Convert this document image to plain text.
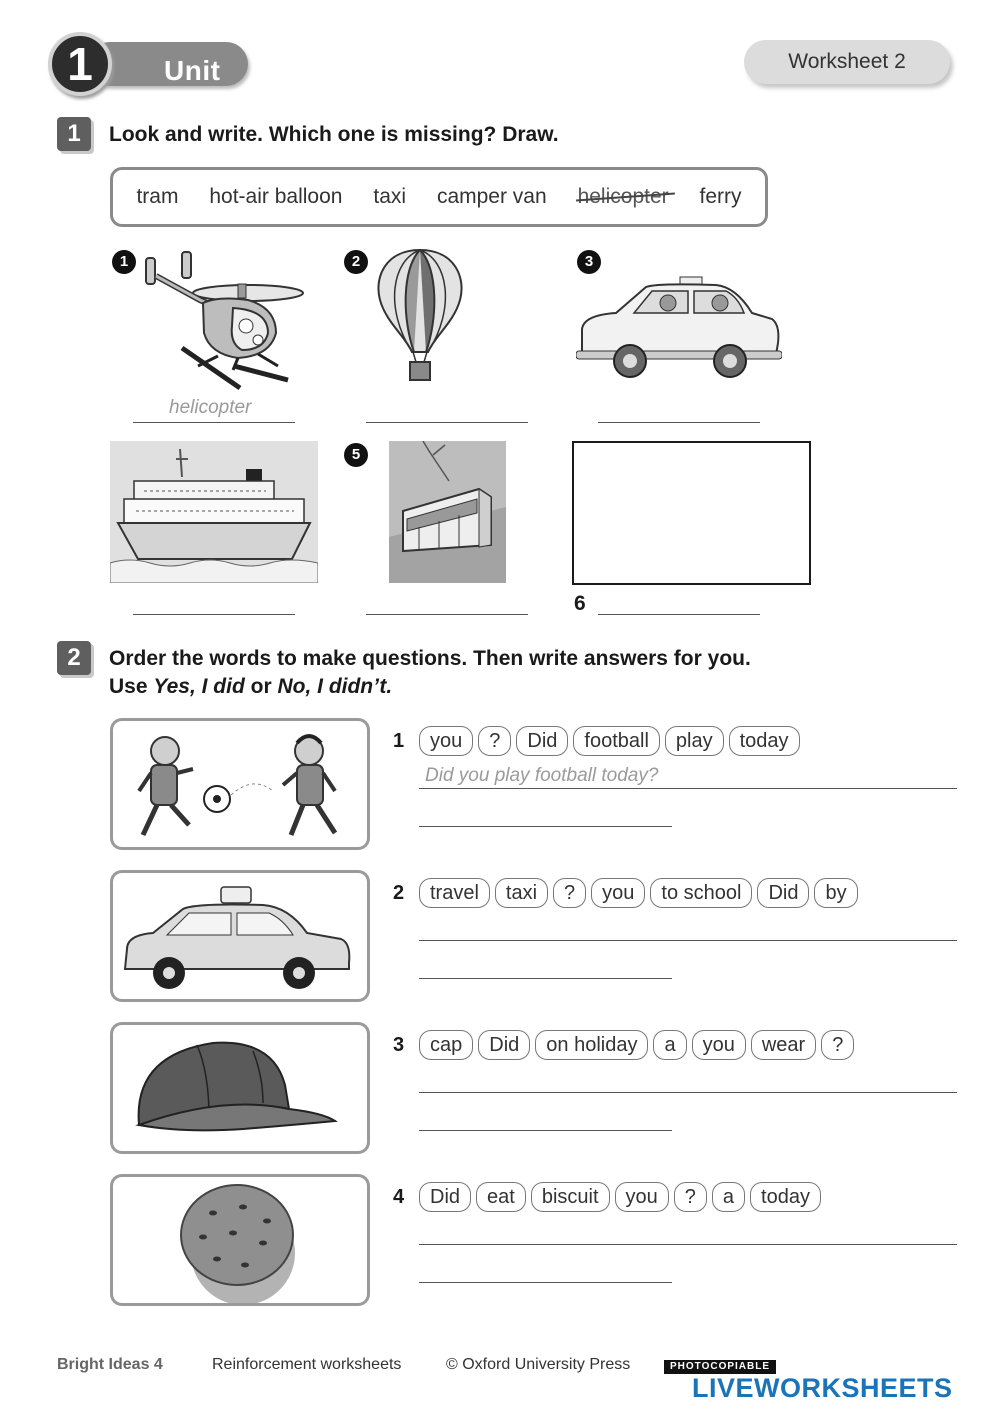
Unit
1	Worksheet 2
1	Look and write. Which one is missing? Draw.
tram hot-air balloon taxi camper van helicopter ferry
1
helicopter
2	3
5
6
2	Order the words to make questions. Then write answers for you.
Use Yes, I did or No, I didn’t.
1	you	?	Did	football	play	today
Did you play football today?
2	travel	taxi	?	you	to school	Did	by
3	cap	Did	on holiday	a	you	wear	?
4	Did	eat	biscuit	you	?	a	today
Bright Ideas 4	Reinforcement worksheets	© Oxford University Press	PHOTOCOPIABLE
LIVEWORKSHEETS
